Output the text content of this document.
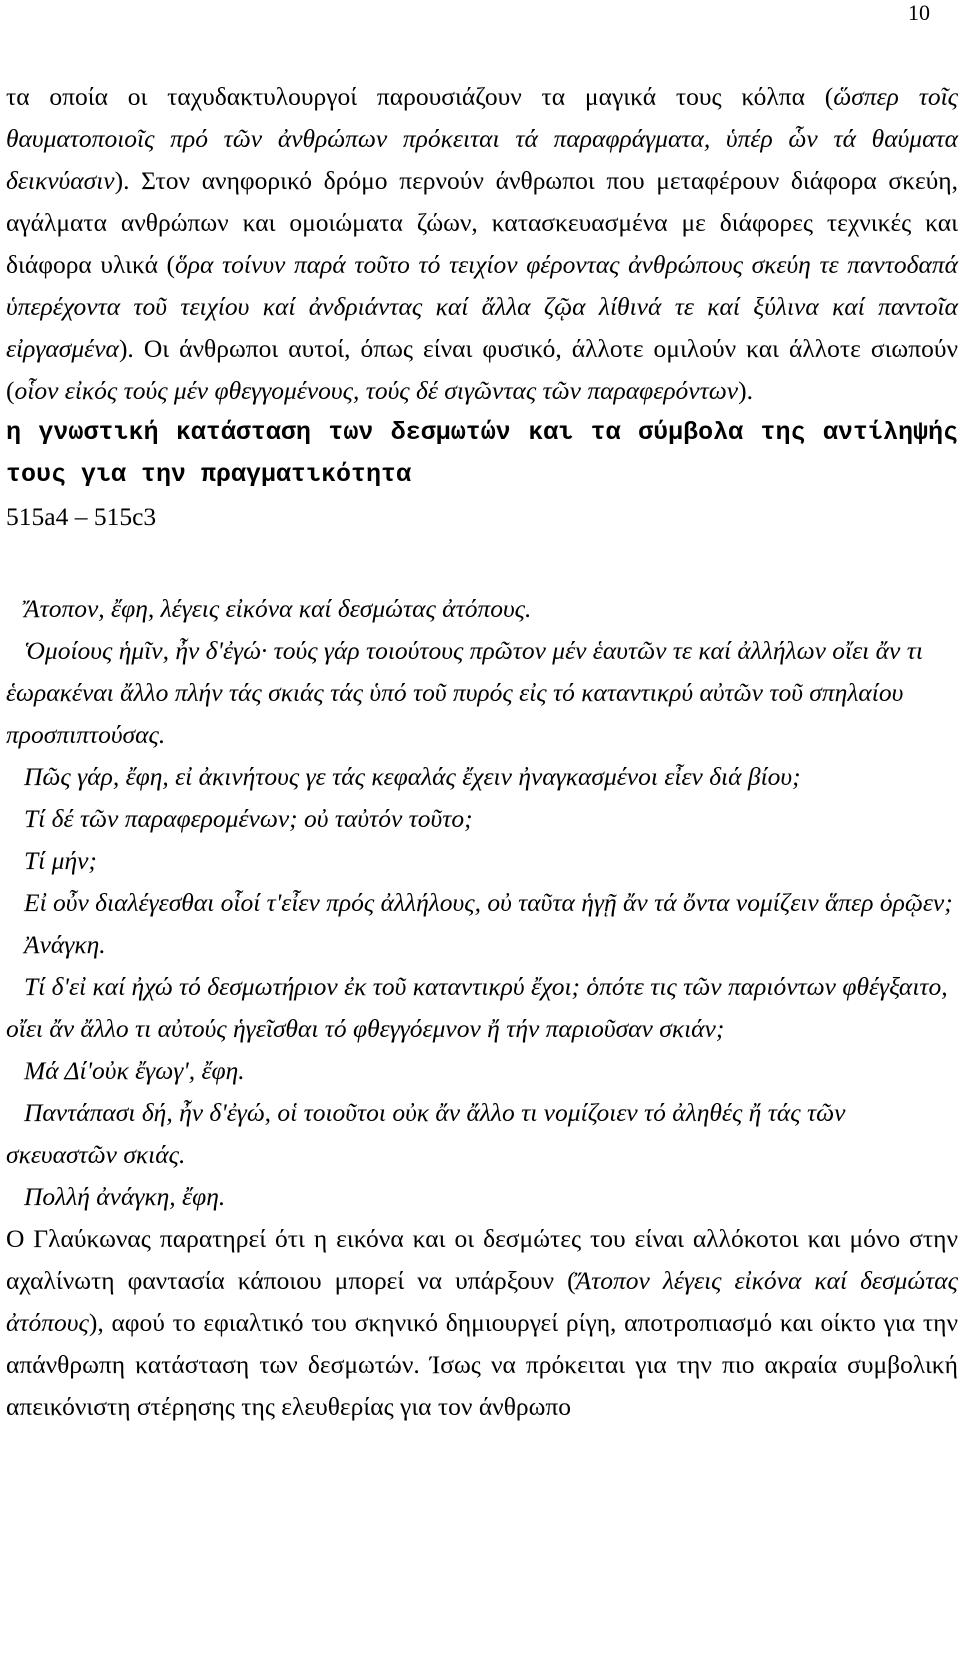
10

τα οποία οι ταχυδακτυλουργοί παρουσιάζουν τα μαγικά τους κόλπα (ὥσπερ τοῖς θαυματοποιοῖς πρό τῶν ἀνθρώπων πρόκειται τά παραφράγματα, ὑπέρ ὧν τά θαύματα δεικνύασιν). Στον ανηφορικό δρόμο περνούν άνθρωποι που μεταφέρουν διάφορα σκεύη, αγάλματα ανθρώπων και ομοιώματα ζώων, κατασκευασμένα με διάφορες τεχνικές και διάφορα υλικά (ὅρα τοίνυν παρά τοῦτο τό τειχίον φέροντας ἀνθρώπους σκεύη τε παντοδαπά ὑπερέχοντα τοῦ τειχίου καί ἀνδριάντας καί ἄλλα ζῷα λίθινά τε καί ξύλινα καί παντοῖα εἰργασμένα). Οι άνθρωποι αυτοί, όπως είναι φυσικό, άλλοτε ομιλούν και άλλοτε σιωπούν (οἷον εἰκός τούς μέν φθεγγομένους, τούς δέ σιγῶντας τῶν παραφερόντων).

η γνωστική κατάσταση των δεσμωτών και τα σύμβολα της αντίληψής τους για την πραγματικότητα

515a4 – 515c3

Ἄτοπον, ἔφη, λέγεις εἰκόνα καί δεσμώτας ἀτόπους.

Ὁμοίους ἡμῖν, ἦν δ'ἐγώ· τούς γάρ τοιούτους πρῶτον μέν ἑαυτῶν τε καί ἀλλήλων οἴει ἄν τι ἑωρακέναι ἄλλο πλήν τάς σκιάς τάς ὑπό τοῦ πυρός εἰς τό καταντικρύ αὐτῶν τοῦ σπηλαίου προσπιπτούσας.

Πῶς γάρ, ἔφη, εἰ ἀκινήτους γε τάς κεφαλάς ἔχειν ἠναγκασμένοι εἶεν διά βίου;

Τί δέ τῶν παραφερομένων; οὐ ταὐτόν τοῦτο;

Τί μήν;

Εἰ οὖν διαλέγεσθαι οἷοί τ'εἶεν πρός ἀλλήλους, οὐ ταῦτα ἡγῇ ἄν τά ὄντα νομίζειν ἅπερ ὁρῷεν;

Ἀνάγκη.

Τί δ'εἰ καί ἠχώ τό δεσμωτήριον ἐκ τοῦ καταντικρύ ἔχοι; ὁπότε τις τῶν παριόντων φθέγξαιτο, οἴει ἄν ἄλλο τι αὐτούς ἡγεῖσθαι τό φθεγγόεμνον ἤ τήν παριοῦσαν σκιάν;

Μά Δί'οὐκ ἔγωγ', ἔφη.

Παντάπασι δή, ἦν δ'ἐγώ, οἱ τοιοῦτοι οὐκ ἄν ἄλλο τι νομίζοιεν τό ἀληθές ἤ τάς τῶν σκευαστῶν σκιάς.

Πολλή ἀνάγκη, ἔφη.

Ο Γλαύκωνας παρατηρεί ότι η εικόνα και οι δεσμώτες του είναι αλλόκοτοι και μόνο στην αχαλίνωτη φαντασία κάποιου μπορεί να υπάρξουν (Ἄτοπον λέγεις εἰκόνα καί δεσμώτας ἀτόπους), αφού το εφιαλτικό του σκηνικό δημιουργεί ρίγη, αποτροπιασμό και οίκτο για την απάνθρωπη κατάσταση των δεσμωτών. Ίσως να πρόκειται για την πιο ακραία συμβολική απεικόνιστη στέρησης της ελευθερίας για τον άνθρωπο
